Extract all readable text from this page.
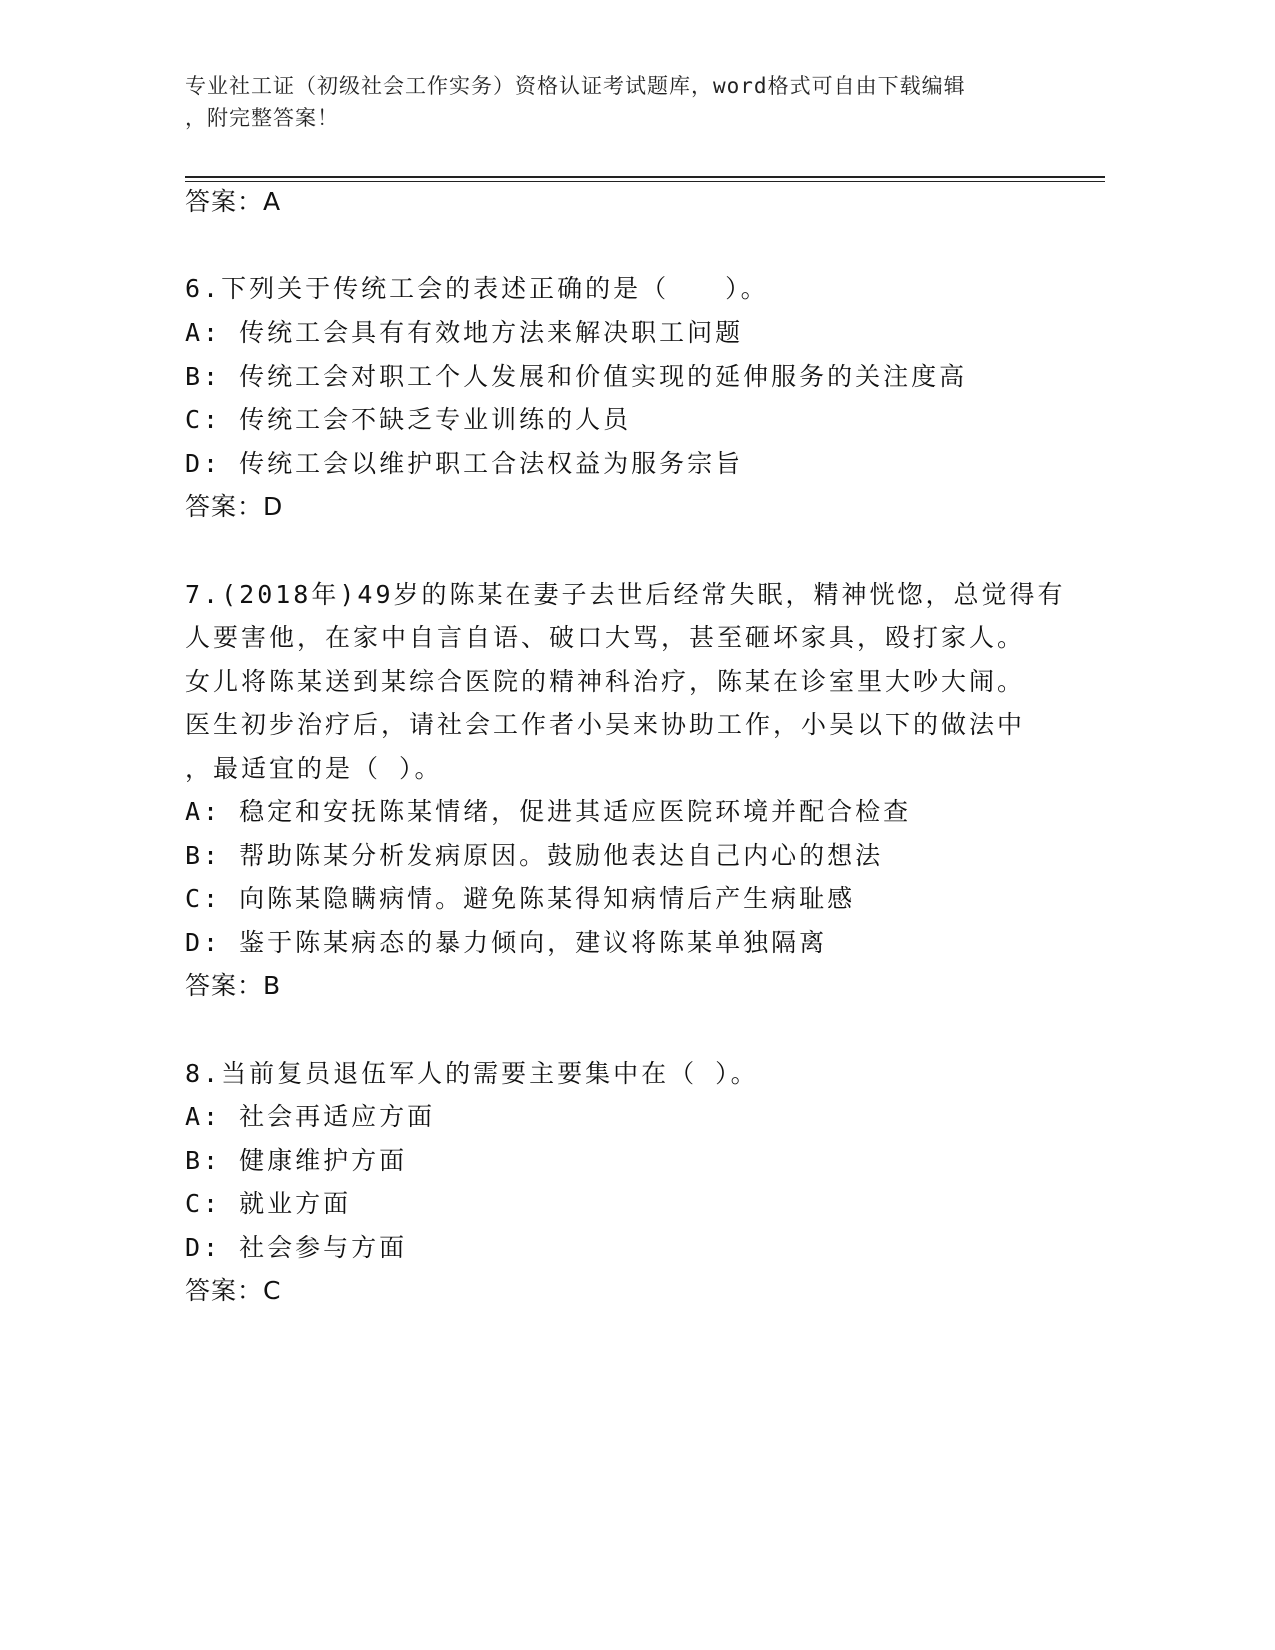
专业社工证（初级社会工作实务）资格认证考试题库，word格式可自由下载编辑
，附完整答案！
答案：A
6.下列关于传统工会的表述正确的是（　　）。
A: 传统工会具有有效地方法来解决职工问题
B: 传统工会对职工个人发展和价值实现的延伸服务的关注度高
C: 传统工会不缺乏专业训练的人员
D: 传统工会以维护职工合法权益为服务宗旨
答案：D
7.(2018年)49岁的陈某在妻子去世后经常失眠，精神恍惚，总觉得有
人要害他，在家中自言自语、破口大骂，甚至砸坏家具，殴打家人。
女儿将陈某送到某综合医院的精神科治疗，陈某在诊室里大吵大闹。
医生初步治疗后，请社会工作者小吴来协助工作，小吴以下的做法中
，最适宜的是（ ）。
A: 稳定和安抚陈某情绪，促进其适应医院环境并配合检查
B: 帮助陈某分析发病原因。鼓励他表达自己内心的想法
C: 向陈某隐瞒病情。避免陈某得知病情后产生病耻感
D: 鉴于陈某病态的暴力倾向，建议将陈某单独隔离
答案：B
8.当前复员退伍军人的需要主要集中在（ ）。
A: 社会再适应方面
B: 健康维护方面
C: 就业方面
D: 社会参与方面
答案：C
